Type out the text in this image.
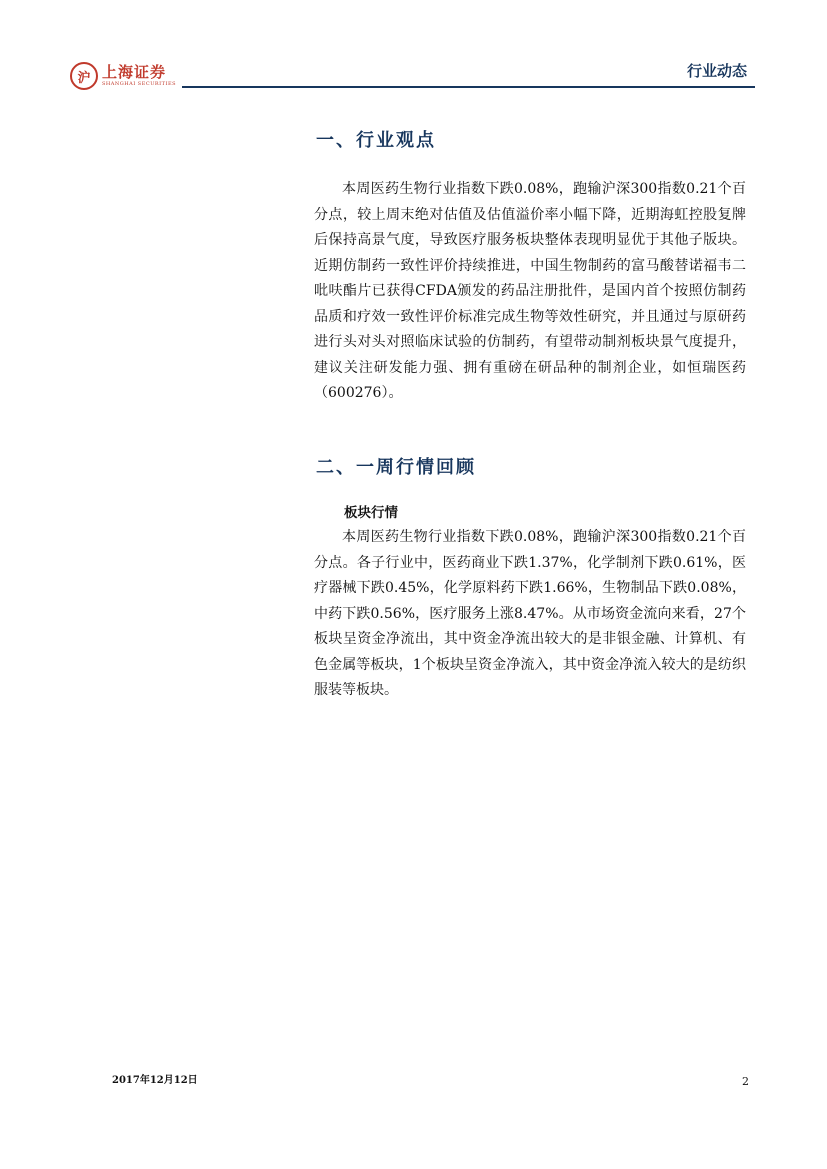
沪 上海证券
SHANGHAI SECURITIES
行业动态
一、行业观点

本周医药生物行业指数下跌0.08%，跑输沪深300指数0.21个百分点，较上周末绝对估值及估值溢价率小幅下降，近期海虹控股复牌后保持高景气度，导致医疗服务板块整体表现明显优于其他子版块。近期仿制药一致性评价持续推进，中国生物制药的富马酸替诺福韦二吡呋酯片已获得CFDA颁发的药品注册批件，是国内首个按照仿制药品质和疗效一致性评价标准完成生物等效性研究，并且通过与原研药进行头对头对照临床试验的仿制药，有望带动制剂板块景气度提升，建议关注研发能力强、拥有重磅在研品种的制剂企业，如恒瑞医药（600276）。

二、一周行情回顾
板块行情

本周医药生物行业指数下跌0.08%，跑输沪深300指数0.21个百分点。各子行业中，医药商业下跌1.37%，化学制剂下跌0.61%，医疗器械下跌0.45%，化学原料药下跌1.66%，生物制品下跌0.08%，中药下跌0.56%，医疗服务上涨8.47%。从市场资金流向来看，27个板块呈资金净流出，其中资金净流出较大的是非银金融、计算机、有色金属等板块，1个板块呈资金净流入，其中资金净流入较大的是纺织服装等板块。

2017年12月12日	2
